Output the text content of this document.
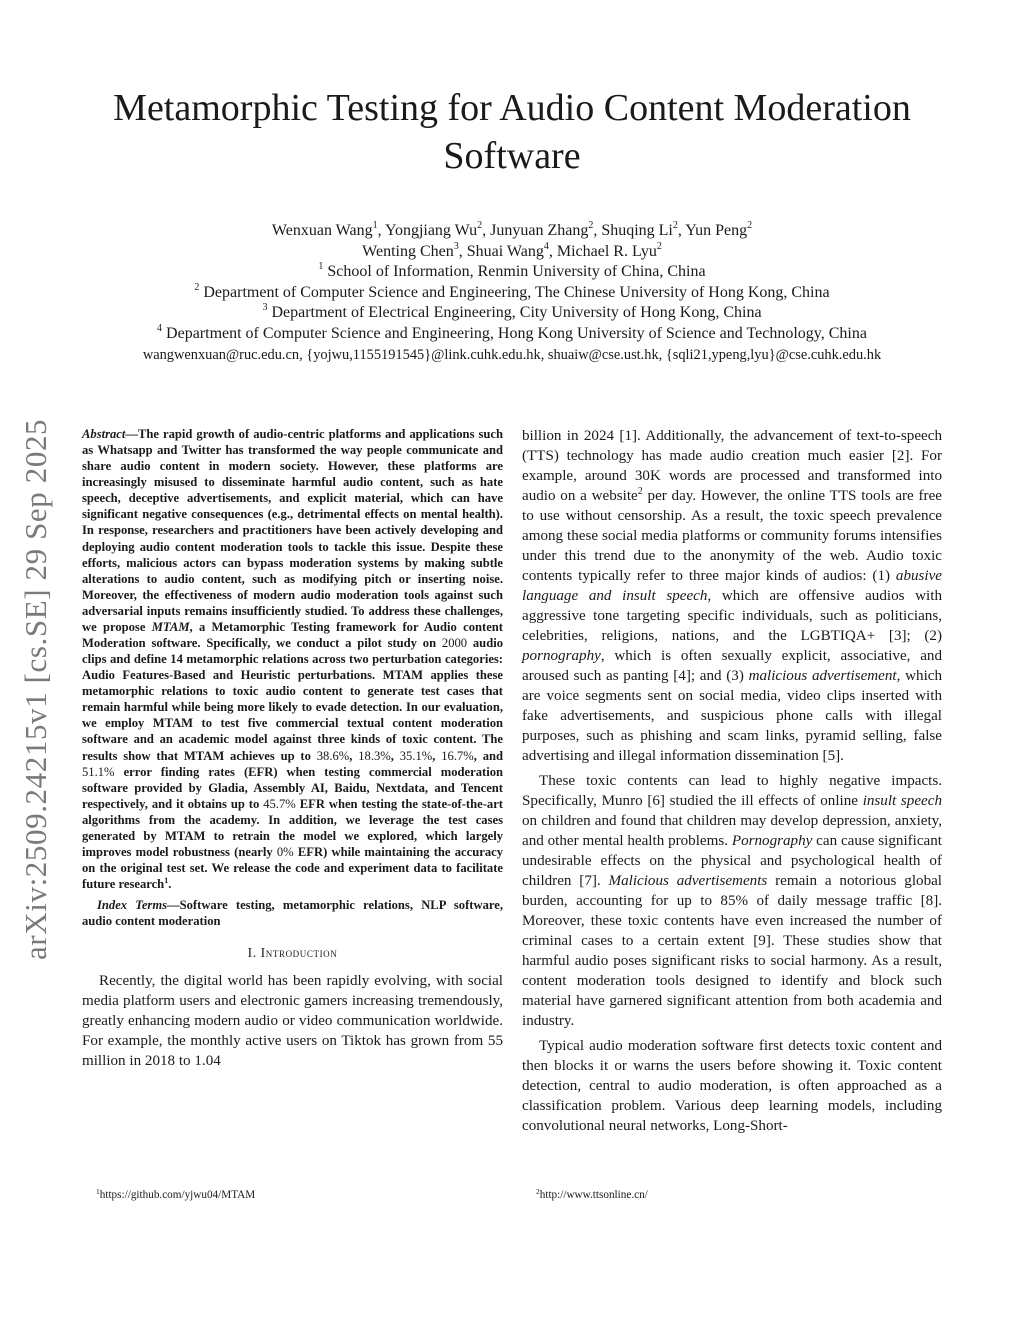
arXiv:2509.24215v1 [cs.SE] 29 Sep 2025
Metamorphic Testing for Audio Content Moderation Software
Wenxuan Wang$^1$, Yongjiang Wu$^2$, Junyuan Zhang$^2$, Shuqing Li$^2$, Yun Peng$^2$
Wenting Chen$^3$, Shuai Wang$^4$, Michael R. Lyu$^2$
$^1$ School of Information, Renmin University of China, China
$^2$ Department of Computer Science and Engineering, The Chinese University of Hong Kong, China
$^3$ Department of Electrical Engineering, City University of Hong Kong, China
$^4$ Department of Computer Science and Engineering, Hong Kong University of Science and Technology, China
wangwenxuan@ruc.edu.cn, {yojwu,1155191545}@link.cuhk.edu.hk, shuaiw@cse.ust.hk, {sqli21,ypeng,lyu}@cse.cuhk.edu.hk

Abstract—The rapid growth of audio-centric platforms and applications such as Whatsapp and Twitter has transformed the way people communicate and share audio content in modern society. However, these platforms are increasingly misused to disseminate harmful audio content, such as hate speech, deceptive advertisements, and explicit material, which can have significant negative consequences (e.g., detrimental effects on mental health). In response, researchers and practitioners have been actively developing and deploying audio content moderation tools to tackle this issue. Despite these efforts, malicious actors can bypass moderation systems by making subtle alterations to audio content, such as modifying pitch or inserting noise. Moreover, the effectiveness of modern audio moderation tools against such adversarial inputs remains insufficiently studied. To address these challenges, we propose MTAM, a Metamorphic Testing framework for Audio content Moderation software. Specifically, we conduct a pilot study on 2000 audio clips and define 14 metamorphic relations across two perturbation categories: Audio Features-Based and Heuristic perturbations. MTAM applies these metamorphic relations to toxic audio content to generate test cases that remain harmful while being more likely to evade detection. In our evaluation, we employ MTAM to test five commercial textual content moderation software and an academic model against three kinds of toxic content. The results show that MTAM achieves up to 38.6%, 18.3%, 35.1%, 16.7%, and 51.1% error finding rates (EFR) when testing commercial moderation software provided by Gladia, Assembly AI, Baidu, Nextdata, and Tencent respectively, and it obtains up to 45.7% EFR when testing the state-of-the-art algorithms from the academy. In addition, we leverage the test cases generated by MTAM to retrain the model we explored, which largely improves model robustness (nearly 0% EFR) while maintaining the accuracy on the original test set. We release the code and experiment data to facilitate future research$^1$.

Index Terms—Software testing, metamorphic relations, NLP software, audio content moderation

I. Introduction

Recently, the digital world has been rapidly evolving, with social media platform users and electronic gamers increasing tremendously, greatly enhancing modern audio or video communication worldwide. For example, the monthly active users on Tiktok has grown from 55 million in 2018 to 1.04

billion in 2024 [1]. Additionally, the advancement of text-to-speech (TTS) technology has made audio creation much easier [2]. For example, around 30K words are processed and transformed into audio on a website$^2$ per day. However, the online TTS tools are free to use without censorship. As a result, the toxic speech prevalence among these social media platforms or community forums intensifies under this trend due to the anonymity of the web. Audio toxic contents typically refer to three major kinds of audios: (1) abusive language and insult speech, which are offensive audios with aggressive tone targeting specific individuals, such as politicians, celebrities, religions, nations, and the LGBTIQA+ [3]; (2) pornography, which is often sexually explicit, associative, and aroused such as panting [4]; and (3) malicious advertisement, which are voice segments sent on social media, video clips inserted with fake advertisements, and suspicious phone calls with illegal purposes, such as phishing and scam links, pyramid selling, false advertising and illegal information dissemination [5].

These toxic contents can lead to highly negative impacts. Specifically, Munro [6] studied the ill effects of online insult speech on children and found that children may develop depression, anxiety, and other mental health problems. Pornography can cause significant undesirable effects on the physical and psychological health of children [7]. Malicious advertisements remain a notorious global burden, accounting for up to 85% of daily message traffic [8]. Moreover, these toxic contents have even increased the number of criminal cases to a certain extent [9]. These studies show that harmful audio poses significant risks to social harmony. As a result, content moderation tools designed to identify and block such material have garnered significant attention from both academia and industry.

Typical audio moderation software first detects toxic content and then blocks it or warns the users before showing it. Toxic content detection, central to audio moderation, is often approached as a classification problem. Various deep learning models, including convolutional neural networks, Long-Short-

$^1$https://github.com/yjwu04/MTAM	$^2$http://www.ttsonline.cn/
